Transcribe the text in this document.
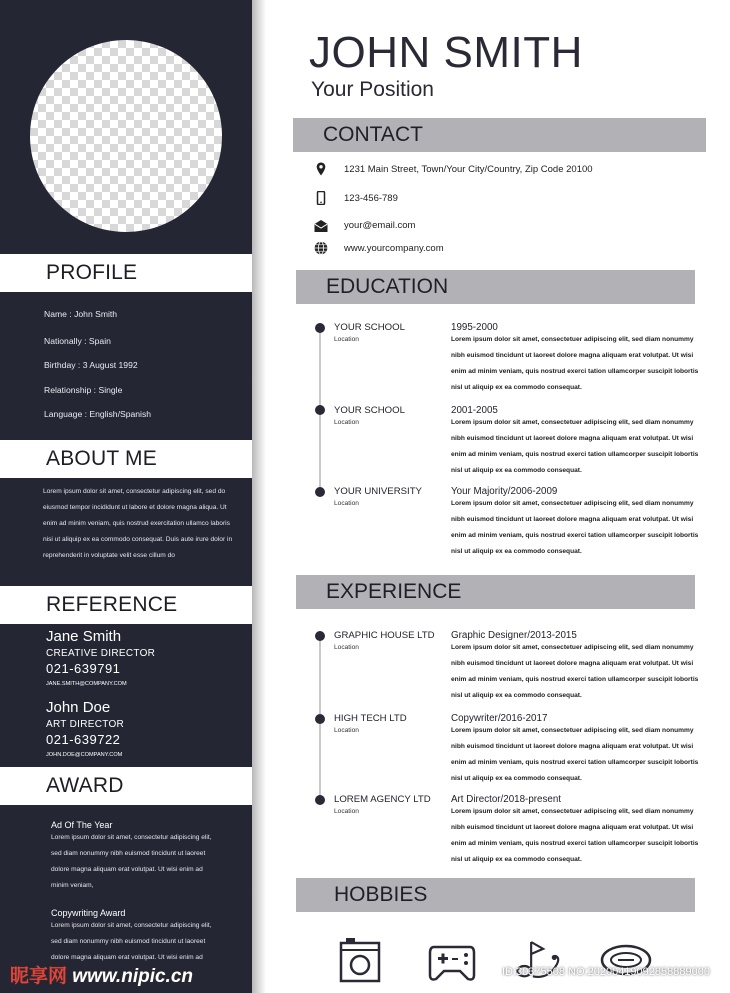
PROFILE
Name : John Smith
Nationally : Spain
Birthday : 3 August 1992
Relationship : Single
Language : English/Spanish
ABOUT ME
Lorem ipsum dolor sit amet, consectetur adipiscing elit, sed do
eiusmod tempor incididunt ut labore et dolore magna aliqua. Ut
enim ad minim veniam, quis nostrud exercitation ullamco laboris
nisi ut aliquip ex ea commodo consequat. Duis aute irure dolor in
reprehenderit in voluptate velit esse cillum do
REFERENCE
Jane Smith
CREATIVE DIRECTOR
021-639791
JANE.SMITH@COMPANY.COM
John Doe
ART DIRECTOR
021-639722
JOHN.DOE@COMPANY.COM
AWARD
Ad Of The Year
Lorem ipsum dolor sit amet, consectetur adipiscing elit,
sed diam nonummy nibh euismod tincidunt ut laoreet
dolore magna aliquam erat volutpat. Ut wisi enim ad
minim veniam,
Copywriting Award
Lorem ipsum dolor sit amet, consectetur adipiscing elit,
sed diam nonummy nibh euismod tincidunt ut laoreet
dolore magna aliquam erat volutpat. Ut wisi enim ad
JOHN SMITH
Your Position
CONTACT
1231 Main Street, Town/Your City/Country, Zip Code 20100
123-456-789
your@email.com
www.yourcompany.com
EDUCATION
YOUR SCHOOL
Location
1995-2000
Lorem ipsum dolor sit amet, consectetuer adipiscing elit, sed diam nonummy
nibh euismod tincidunt ut laoreet dolore magna aliquam erat volutpat. Ut wisi
enim ad minim veniam, quis nostrud exerci tation ullamcorper suscipit lobortis
nisl ut aliquip ex ea commodo consequat.
YOUR SCHOOL
Location
2001-2005
Lorem ipsum dolor sit amet, consectetuer adipiscing elit, sed diam nonummy
nibh euismod tincidunt ut laoreet dolore magna aliquam erat volutpat. Ut wisi
enim ad minim veniam, quis nostrud exerci tation ullamcorper suscipit lobortis
nisl ut aliquip ex ea commodo consequat.
YOUR UNIVERSITY
Location
Your Majority/2006-2009
Lorem ipsum dolor sit amet, consectetuer adipiscing elit, sed diam nonummy
nibh euismod tincidunt ut laoreet dolore magna aliquam erat volutpat. Ut wisi
enim ad minim veniam, quis nostrud exerci tation ullamcorper suscipit lobortis
nisl ut aliquip ex ea commodo consequat.
EXPERIENCE
GRAPHIC HOUSE LTD
Location
Graphic Designer/2013-2015
Lorem ipsum dolor sit amet, consectetuer adipiscing elit, sed diam nonummy
nibh euismod tincidunt ut laoreet dolore magna aliquam erat volutpat. Ut wisi
enim ad minim veniam, quis nostrud exerci tation ullamcorper suscipit lobortis
nisl ut aliquip ex ea commodo consequat.
HIGH TECH LTD
Location
Copywriter/2016-2017
Lorem ipsum dolor sit amet, consectetuer adipiscing elit, sed diam nonummy
nibh euismod tincidunt ut laoreet dolore magna aliquam erat volutpat. Ut wisi
enim ad minim veniam, quis nostrud exerci tation ullamcorper suscipit lobortis
nisl ut aliquip ex ea commodo consequat.
LOREM AGENCY LTD
Location
Art Director/2018-present
Lorem ipsum dolor sit amet, consectetuer adipiscing elit, sed diam nonummy
nibh euismod tincidunt ut laoreet dolore magna aliquam erat volutpat. Ut wisi
enim ad minim veniam, quis nostrud exerci tation ullamcorper suscipit lobortis
nisl ut aliquip ex ea commodo consequat.
HOBBIES
昵享网 www.nipic.cn	ID:30375508 NO:20200419092858889000
